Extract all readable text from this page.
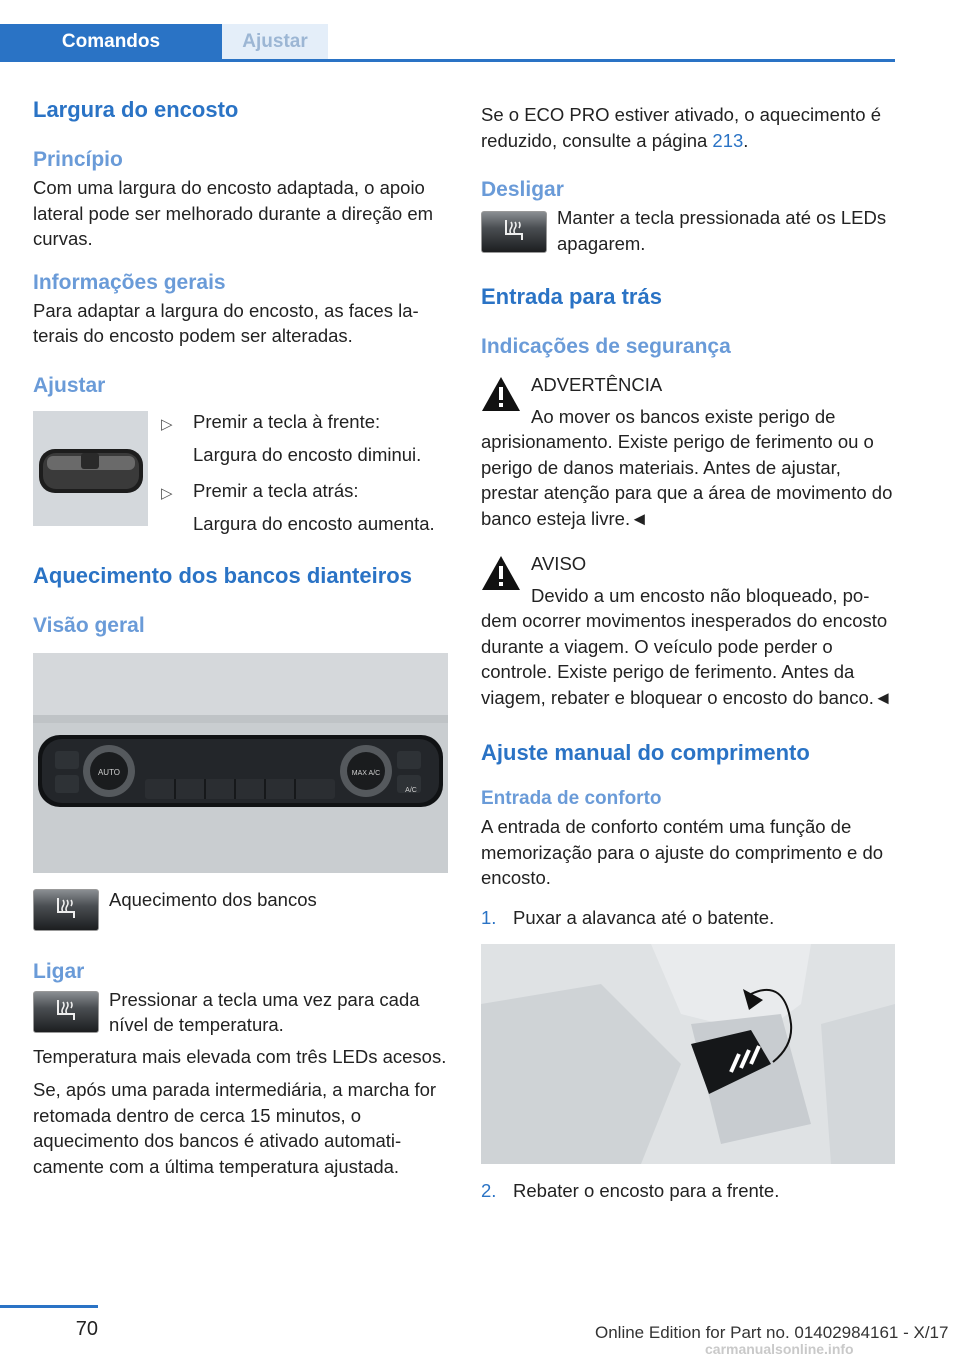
Comandos	Ajustar
Largura do encosto
Princípio

Com uma largura do encosto adaptada, o apoio lateral pode ser melhorado durante a direção em curvas.

Informações gerais

Para adaptar a largura do encosto, as faces laterais do encosto podem ser alteradas.

Ajustar
▷ Premir a tecla à frente:
Largura do encosto diminui.
▷ Premir a tecla atrás:
Largura do encosto aumenta.
Aquecimento dos bancos dianteiros
Visão geral
AUTO	MAX A/C
A/C

Aquecimento dos bancos

Ligar

Pressionar a tecla uma vez para cada nível de temperatura.

Temperatura mais elevada com três LEDs acesos.

Se, após uma parada intermediária, a marcha for retomada dentro de cerca 15 minutos, o aquecimento dos bancos é ativado automaticamente com a última temperatura ajustada.

Se o ECO PRO estiver ativado, o aquecimento é reduzido, consulte a página 213.

Desligar

Manter a tecla pressionada até os LEDs apagarem.

Entrada para trás
Indicações de segurança

ADVERTÊNCIA

Ao mover os bancos existe perigo de aprisionamento. Existe perigo de ferimento ou o perigo de danos materiais. Antes de ajustar, prestar atenção para que a área de movimento do banco esteja livre.◄

AVISO

Devido a um encosto não bloqueado, podem ocorrer movimentos inesperados do encosto durante a viagem. O veículo pode perder o controle. Existe perigo de ferimento. Antes da viagem, rebater e bloquear o encosto do banco.◄

Ajuste manual do comprimento
Entrada de conforto

A entrada de conforto contém uma função de memorização para o ajuste do comprimento e do encosto.

1. Puxar a alavanca até o batente.
2. Rebater o encosto para a frente.
70	Online Edition for Part no. 01402984161 - X/17
carmanualsonline.info
